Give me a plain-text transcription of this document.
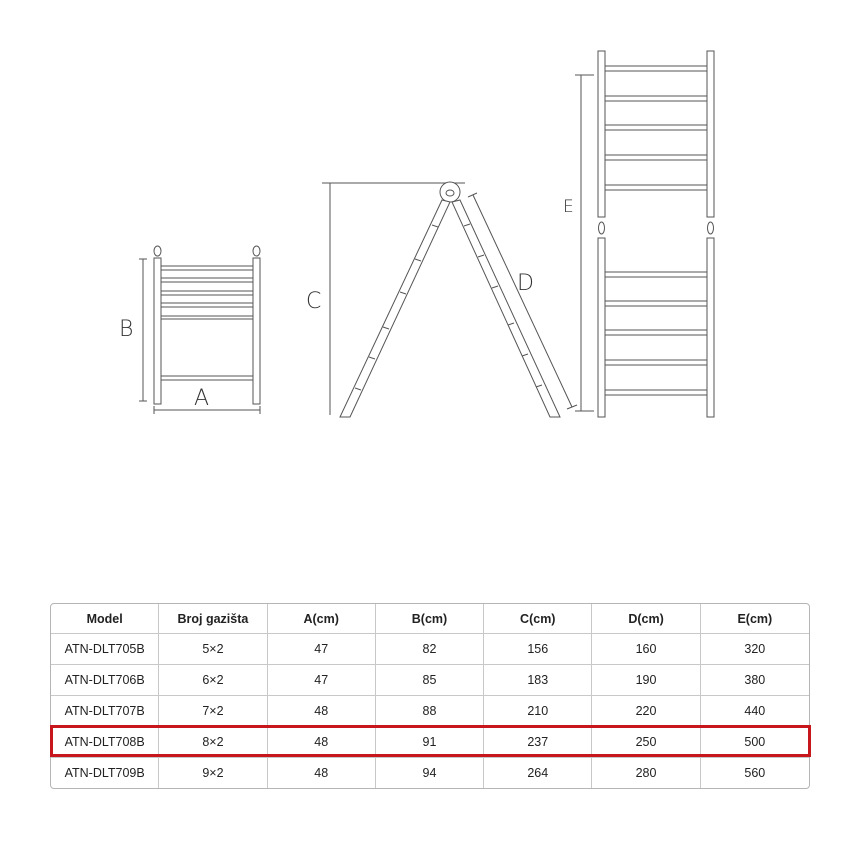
B
A
C
D
E
Model	Broj gazišta	A(cm)	B(cm)	C(cm)	D(cm)	E(cm)
ATN-DLT705B	5×2	47	82	156	160	320
ATN-DLT706B	6×2	47	85	183	190	380
ATN-DLT707B	7×2	48	88	210	220	440
ATN-DLT708B	8×2	48	91	237	250	500
ATN-DLT709B	9×2	48	94	264	280	560
